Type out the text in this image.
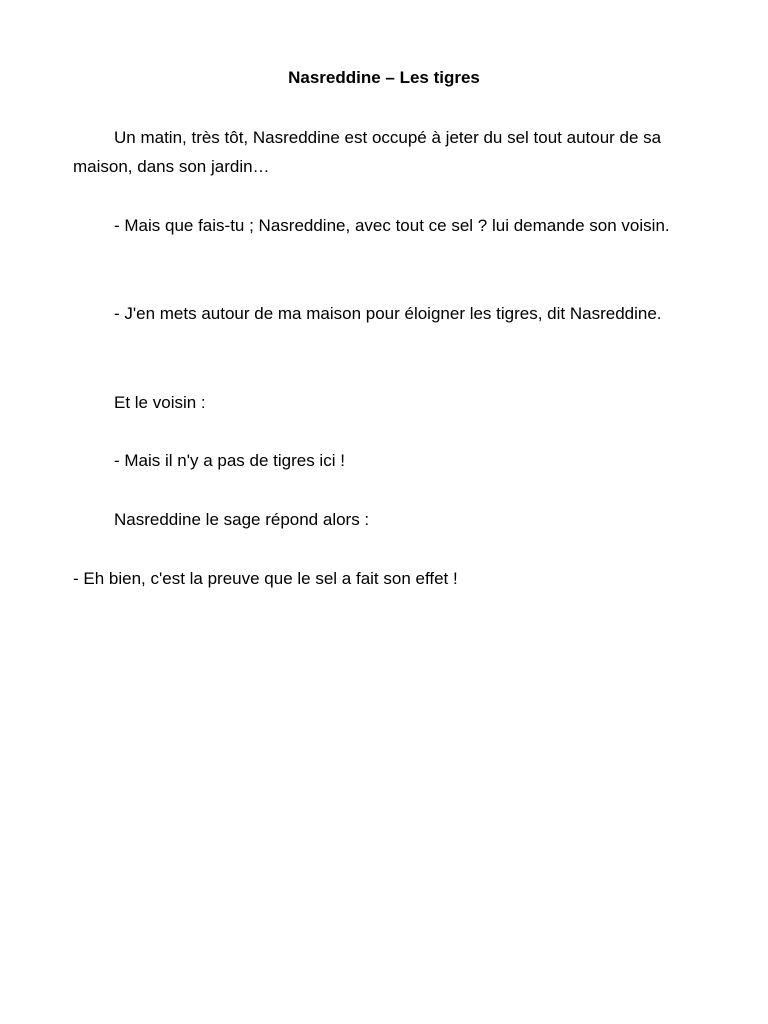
Nasreddine – Les tigres

Un matin, très tôt, Nasreddine est occupé à jeter du sel tout autour de sa maison, dans son jardin…

- Mais que fais-tu ; Nasreddine, avec tout ce sel ? lui demande son voisin.

- J'en mets autour de ma maison pour éloigner les tigres, dit Nasreddine.

Et le voisin :

- Mais il n'y a pas de tigres ici !

Nasreddine le sage répond alors :

- Eh bien, c'est la preuve que le sel a fait son effet !
